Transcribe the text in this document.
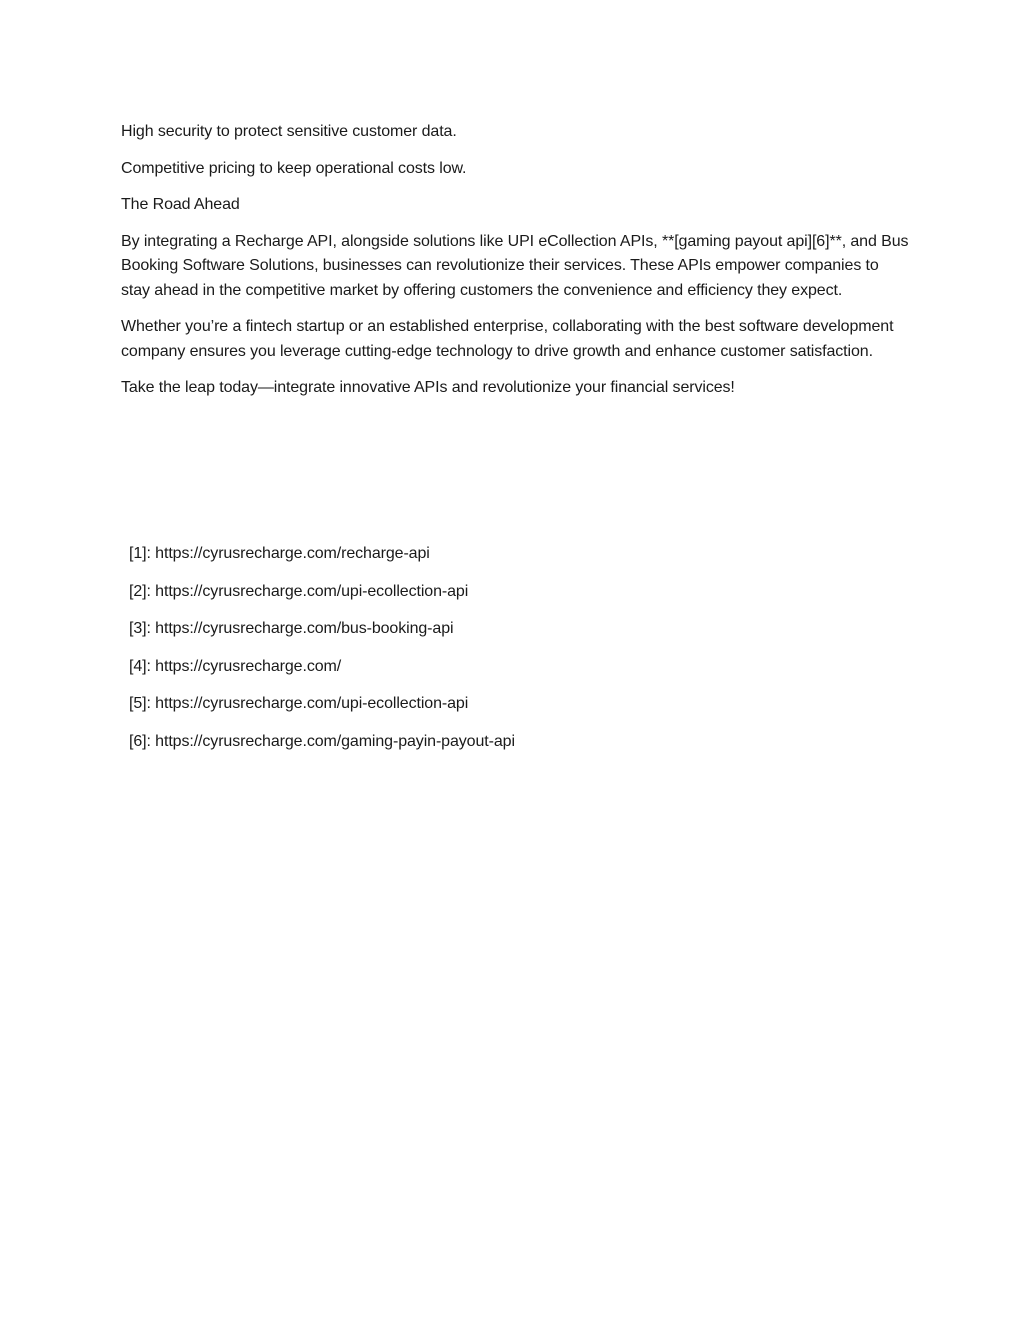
High security to protect sensitive customer data.

Competitive pricing to keep operational costs low.

The Road Ahead

By integrating a Recharge API, alongside solutions like UPI eCollection APIs, **[gaming payout api][6]**, and Bus Booking Software Solutions, businesses can revolutionize their services. These APIs empower companies to stay ahead in the competitive market by offering customers the convenience and efficiency they expect.

Whether you’re a fintech startup or an established enterprise, collaborating with the best software development company ensures you leverage cutting-edge technology to drive growth and enhance customer satisfaction.

Take the leap today—integrate innovative APIs and revolutionize your financial services!

[1]: https://cyrusrecharge.com/recharge-api

[2]: https://cyrusrecharge.com/upi-ecollection-api

[3]: https://cyrusrecharge.com/bus-booking-api

[4]: https://cyrusrecharge.com/

[5]: https://cyrusrecharge.com/upi-ecollection-api

[6]: https://cyrusrecharge.com/gaming-payin-payout-api
